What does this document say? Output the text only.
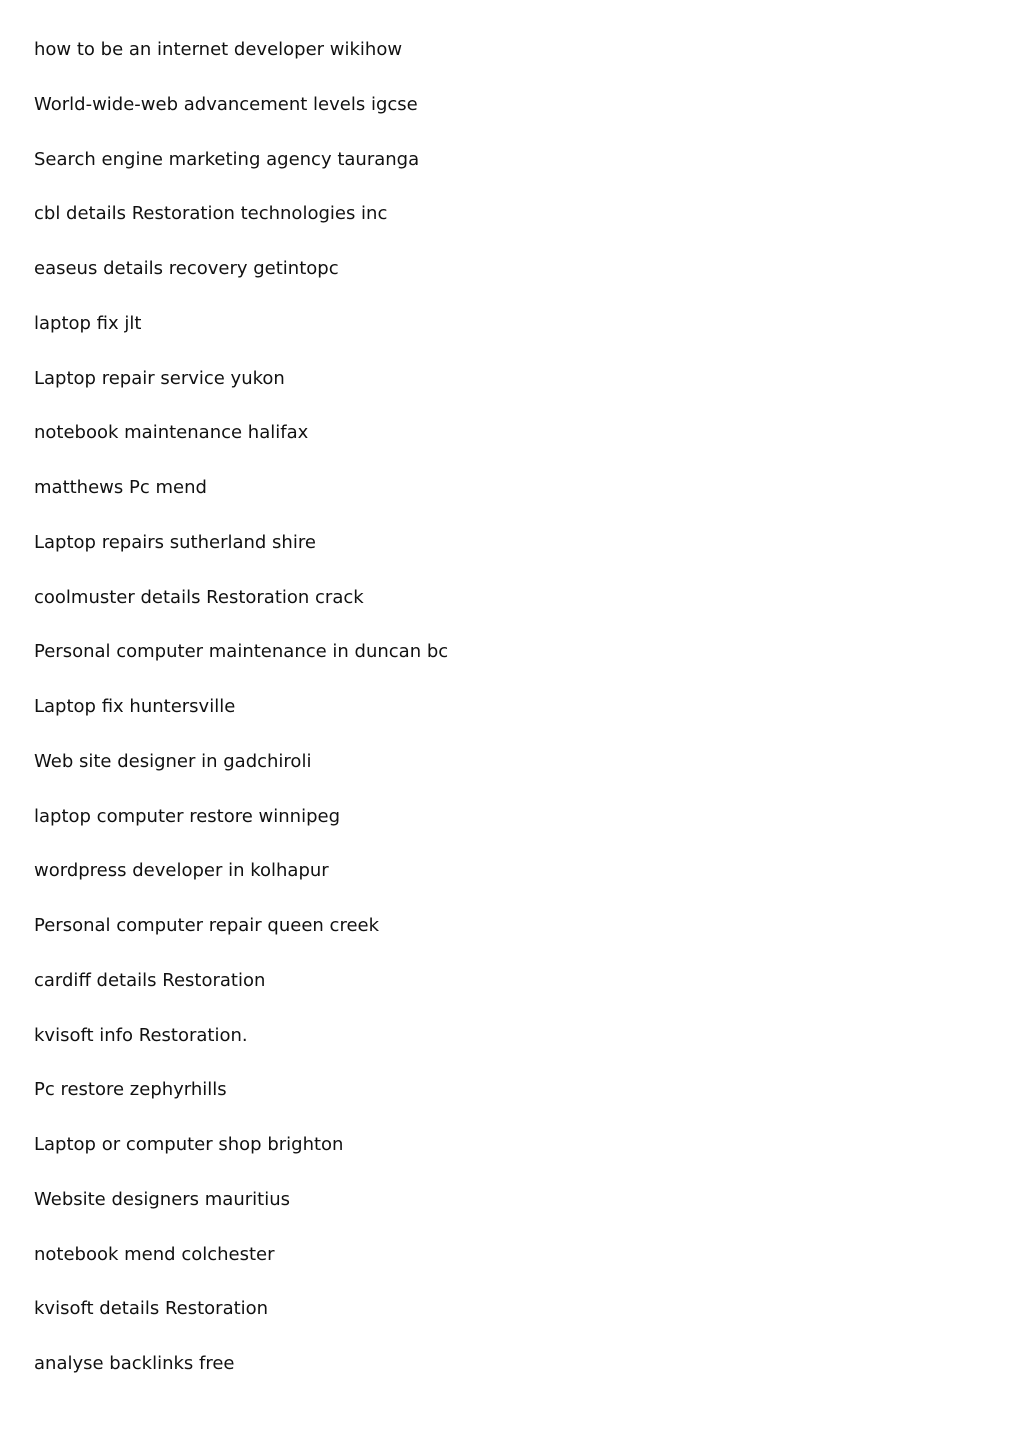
how to be an internet developer wikihow
World-wide-web advancement levels igcse
Search engine marketing agency tauranga
cbl details Restoration technologies inc
easeus details recovery getintopc
laptop fix jlt
Laptop repair service yukon
notebook maintenance halifax
matthews Pc mend
Laptop repairs sutherland shire
coolmuster details Restoration crack
Personal computer maintenance in duncan bc
Laptop fix huntersville
Web site designer in gadchiroli
laptop computer restore winnipeg
wordpress developer in kolhapur
Personal computer repair queen creek
cardiff details Restoration
kvisoft info Restoration.
Pc restore zephyrhills
Laptop or computer shop brighton
Website designers mauritius
notebook mend colchester
kvisoft details Restoration
analyse backlinks free
